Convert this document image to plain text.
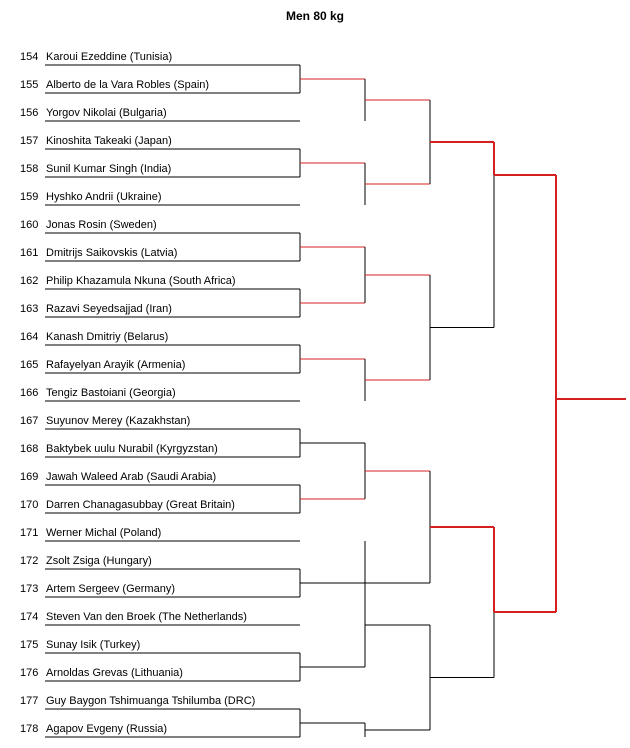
Men 80 kg
154 Karoui Ezeddine (Tunisia)
155 Alberto de la Vara Robles (Spain)
156 Yorgov Nikolai (Bulgaria)
157 Kinoshita Takeaki (Japan)
158 Sunil Kumar Singh (India)
159 Hyshko Andrii (Ukraine)
160 Jonas Rosin (Sweden)
161 Dmitrijs Saikovskis (Latvia)
162 Philip Khazamula Nkuna (South Africa)
163 Razavi Seyedsajjad (Iran)
164 Kanash Dmitriy (Belarus)
165 Rafayelyan Arayik (Armenia)
166 Tengiz Bastoiani (Georgia)
167 Suyunov Merey (Kazakhstan)
168 Baktybek uulu Nurabil (Kyrgyzstan)
169 Jawah Waleed Arab (Saudi Arabia)
170 Darren Chanagasubbay (Great Britain)
171 Werner Michal (Poland)
172 Zsolt Zsiga (Hungary)
173 Artem Sergeev (Germany)
174 Steven Van den Broek (The Netherlands)
175 Sunay Isik (Turkey)
176 Arnoldas Grevas (Lithuania)
177 Guy Baygon Tshimuanga Tshilumba (DRC)
178 Agapov Evgeny (Russia)
